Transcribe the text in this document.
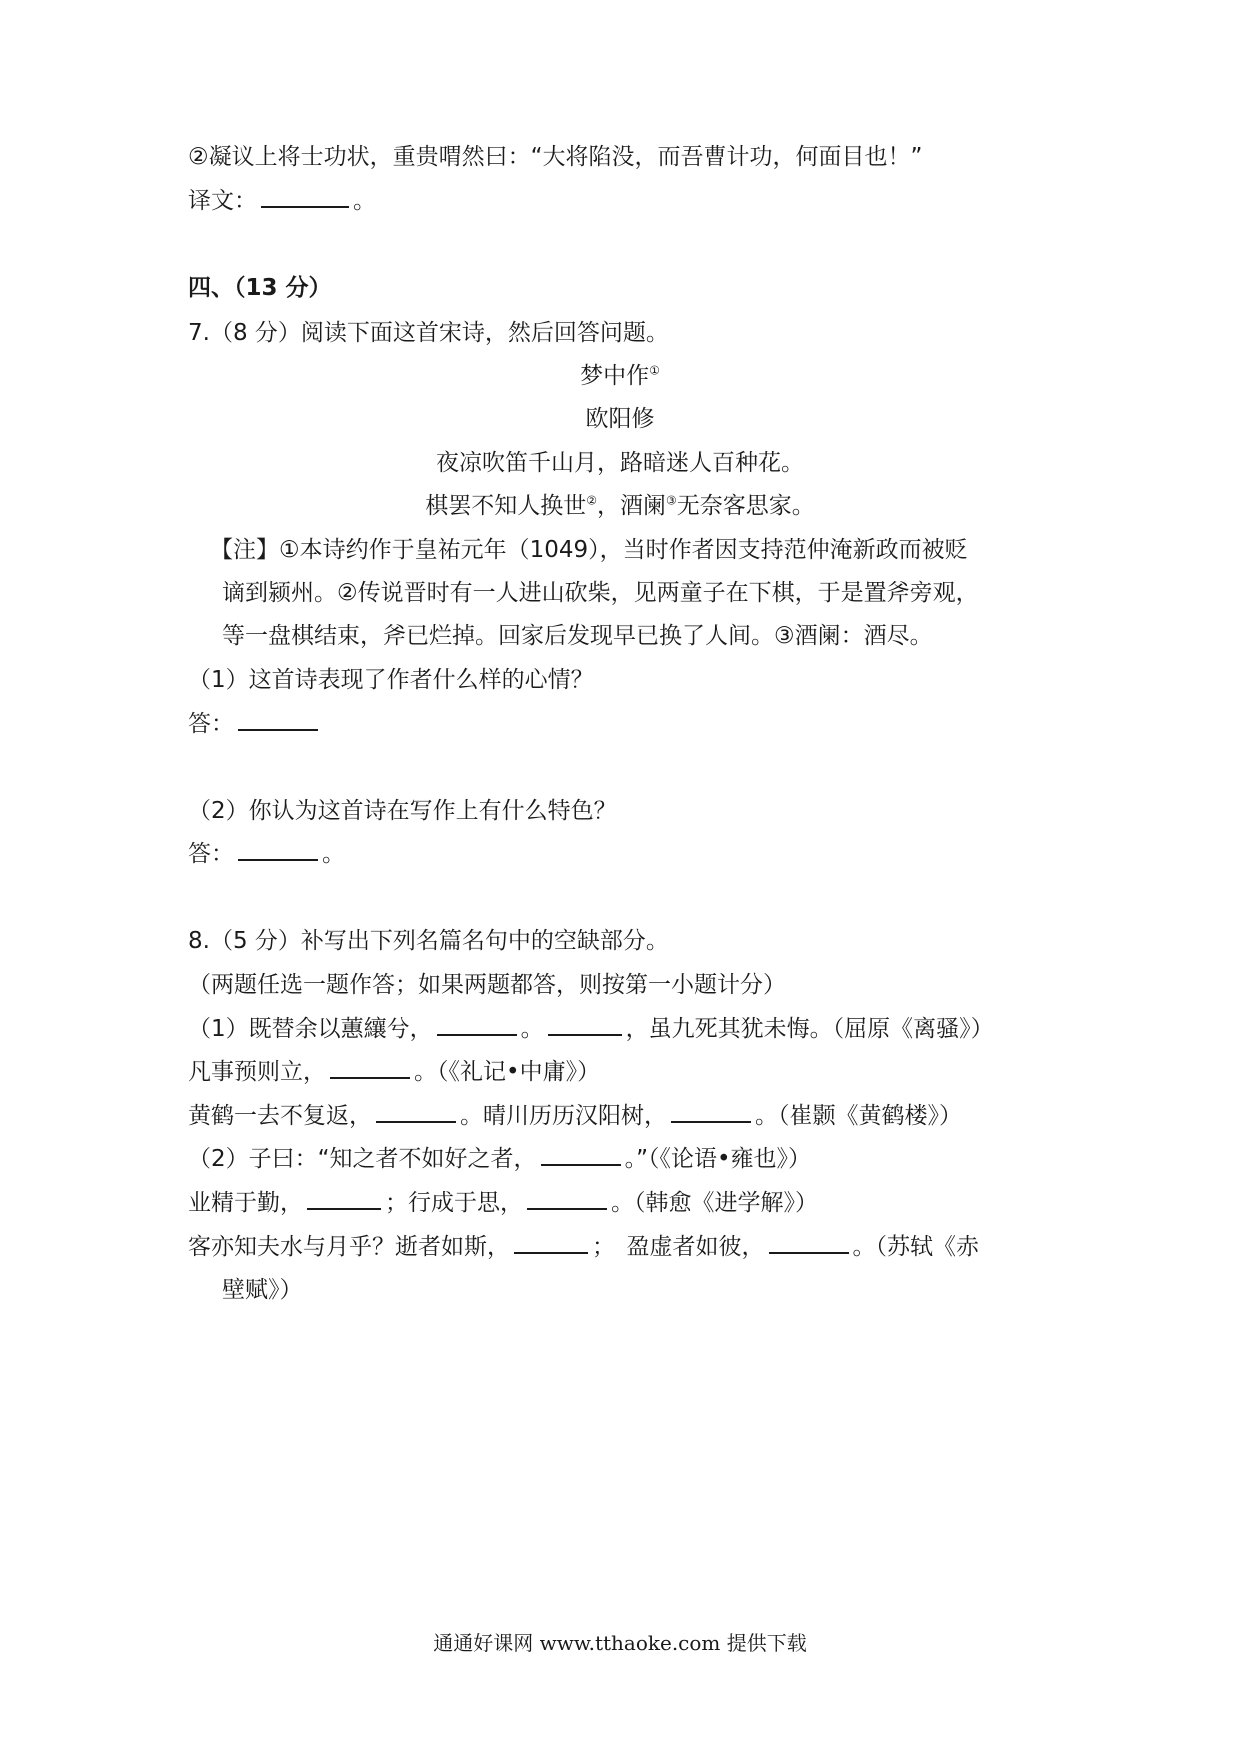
②凝议上将士功状，重贵喟然曰：“大将陷没，而吾曹计功，何面目也！”
译文：	。
四、（13 分）
7.（8 分）阅读下面这首宋诗，然后回答问题。
梦中作①
欧阳修
夜凉吹笛千山月，路暗迷人百种花。
棋罢不知人换世②，酒阑③无奈客思家。
【注】①本诗约作于皇祐元年（1049），当时作者因支持范仲淹新政而被贬
谪到颍州。②传说晋时有一人进山砍柴，见两童子在下棋，于是置斧旁观，
等一盘棋结束，斧已烂掉。回家后发现早已换了人间。③酒阑：酒尽。
（1）这首诗表现了作者什么样的心情？
答：
（2）你认为这首诗在写作上有什么特色？
答：	。
8.（5 分）补写出下列名篇名句中的空缺部分。
（两题任选一题作答；如果两题都答，则按第一小题计分）
（1）既替余以蕙纕兮，	。	，虽九死其犹未悔。（屈原《离骚》）
凡事预则立，	。（《礼记•中庸》）
黄鹤一去不复返，	。晴川历历汉阳树，	。（崔颢《黄鹤楼》）
（2）子曰：“知之者不如好之者，	。”（《论语•雍也》）
业精于勤，	；行成于思，	。（韩愈《进学解》）
客亦知夫水与月乎？逝者如斯，	；　盈虚者如彼，	。（苏轼《赤
壁赋》）
通通好课网 www.tthaoke.com 提供下载
